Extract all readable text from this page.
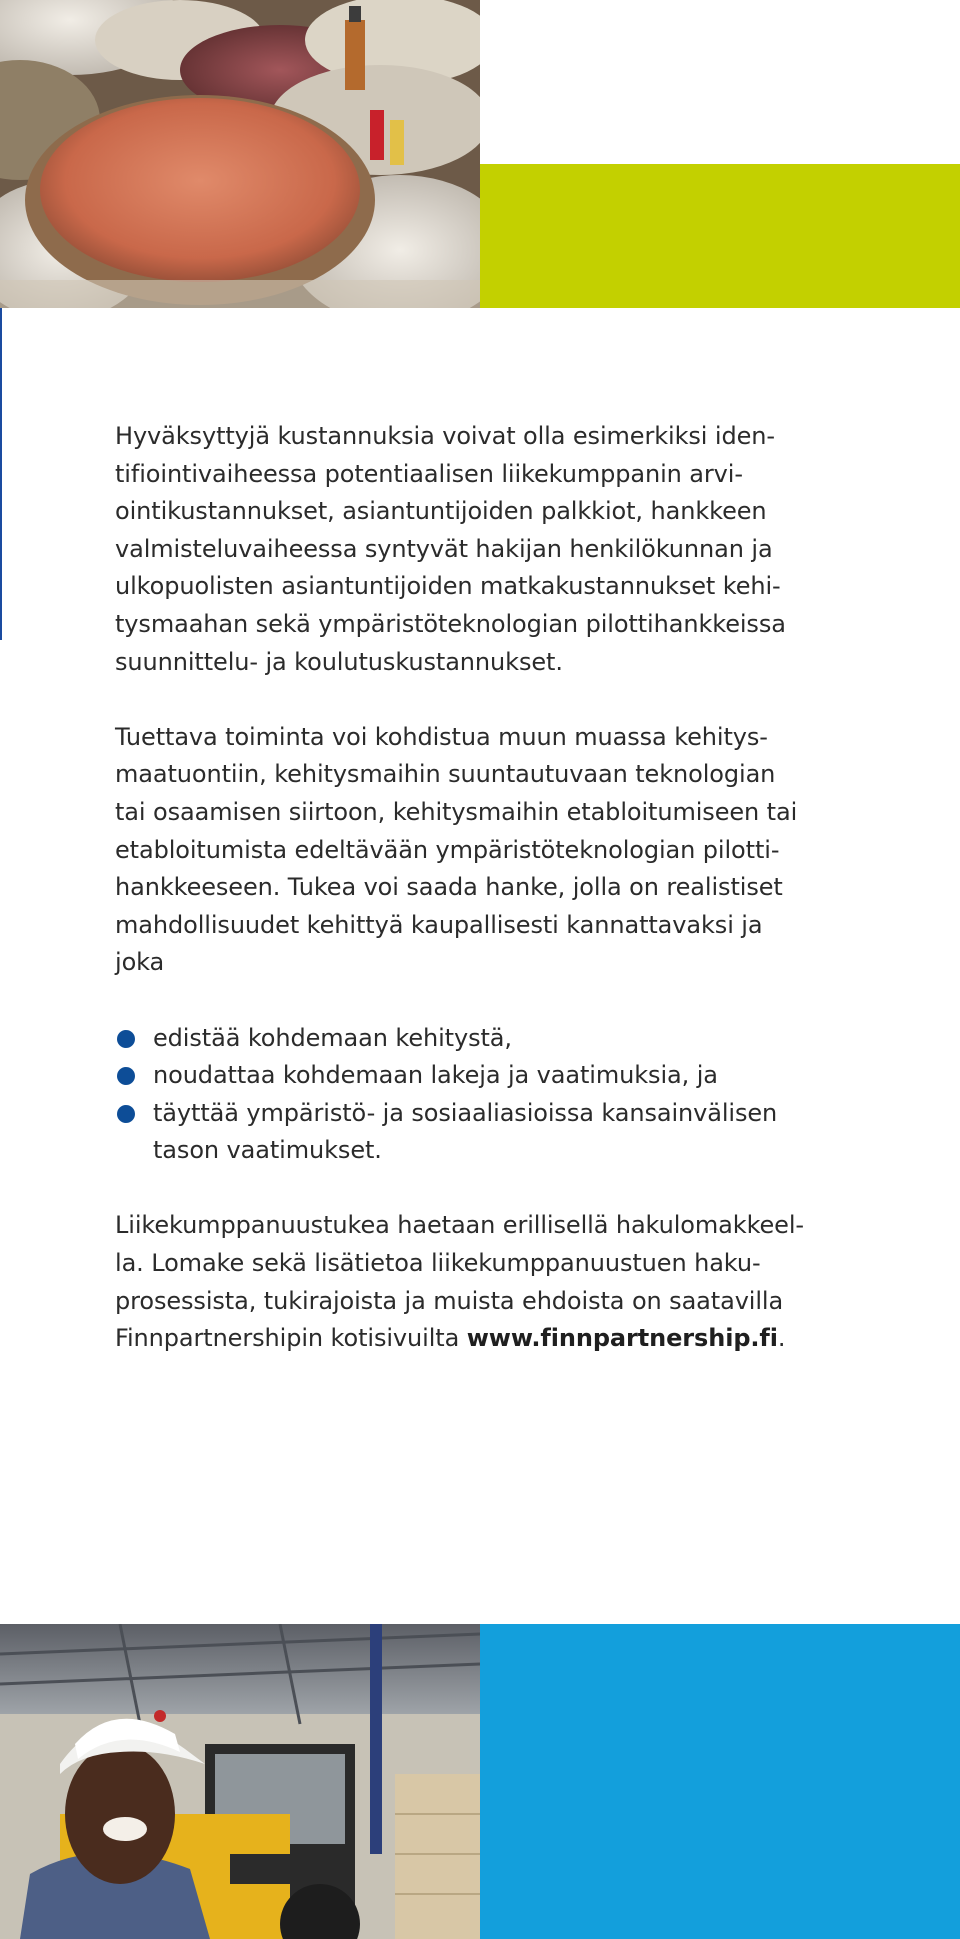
Hyväksyttyjä kustannuksia voivat olla esimerkiksi iden-
tifiointivaiheessa potentiaalisen liikekumppanin arvi-
ointikustannukset, asiantuntijoiden palkkiot, hankkeen
valmisteluvaiheessa syntyvät hakijan henkilökunnan ja
ulkopuolisten asiantuntijoiden matkakustannukset kehi-
tysmaahan sekä ympäristöteknologian pilottihankkeissa
suunnittelu- ja koulutuskustannukset.

Tuettava toiminta voi kohdistua muun muassa kehitys-
maatuontiin, kehitysmaihin suuntautuvaan teknologian
tai osaamisen siirtoon, kehitysmaihin etabloitumiseen tai
etabloitumista edeltävään ympäristöteknologian pilotti-
hankkeeseen. Tukea voi saada hanke, jolla on realistiset
mahdollisuudet kehittyä kaupallisesti kannattavaksi ja
joka

edistää kohdemaan kehitystä,
noudattaa kohdemaan lakeja ja vaatimuksia, ja
täyttää ympäristö- ja sosiaaliasioissa kansainvälisen
tason vaatimukset.

Liikekumppanuustukea haetaan erillisellä hakulomakkeel-
la. Lomake sekä lisätietoa liikekumppanuustuen haku-
prosessista, tukirajoista ja muista ehdoista on saatavilla
Finnpartnershipin kotisivuilta www.finnpartnership.fi.
